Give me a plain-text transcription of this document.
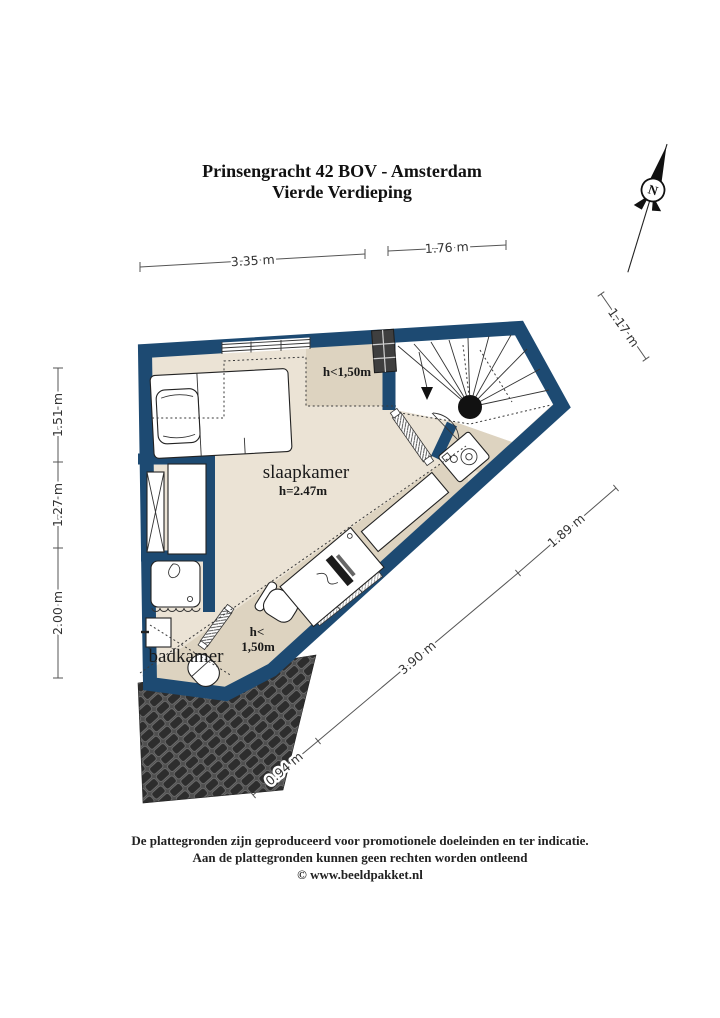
Prinsengracht 42 BOV - Amsterdam
Vierde Verdieping	N
slaapkamer
h=2.47m
h<1,50m
h<
1,50m
badkamer
3.35 m
1.76 m
1.51 m
1.27 m
2.00 m
1.17 m
0.94 m
3.90 m
1.89 m
De plattegronden zijn geproduceerd voor promotionele doeleinden en ter indicatie.
Aan de plattegronden kunnen geen rechten worden ontleend
© www.beeldpakket.nl
